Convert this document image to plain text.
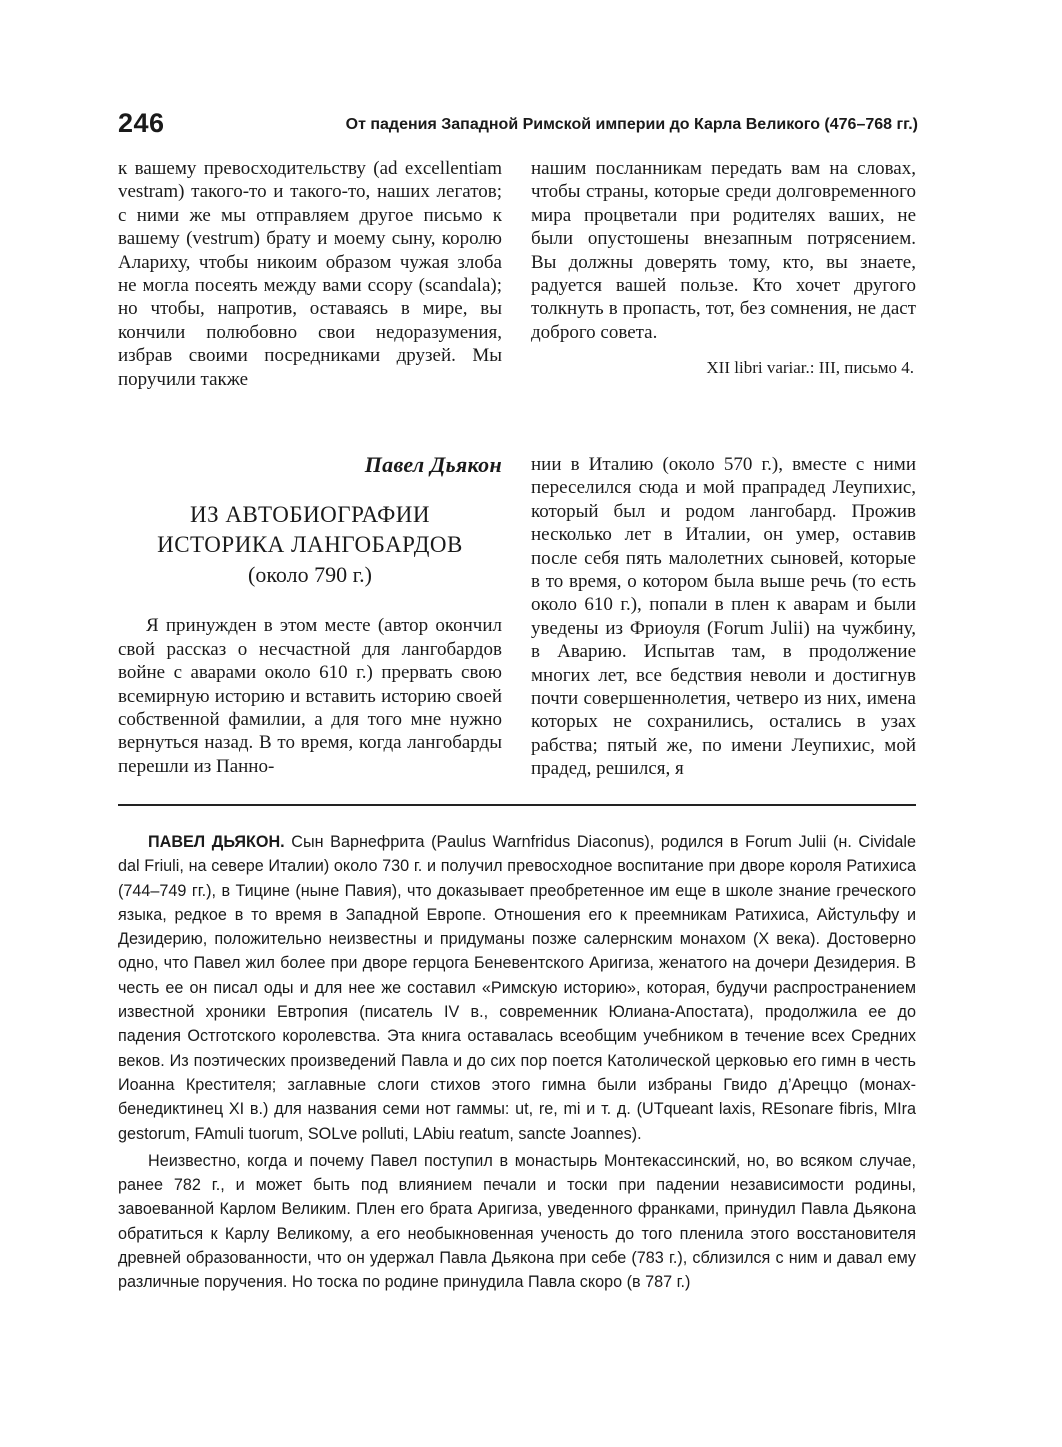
246	От падения Западной Римской империи до Карла Великого (476–768 гг.)

к вашему превосходительству (ad excellentiam vestram) такого-то и такого-то, наших легатов; с ними же мы отправляем другое письмо к вашему (vestrum) брату и моему сыну, королю Алариху, чтобы никоим образом чужая злоба не могла посеять между вами ссору (scandala); но чтобы, напротив, оставаясь в мире, вы кончили полюбовно свои недоразумения, избрав своими посредниками друзей. Мы поручили также

нашим посланникам передать вам на словах, чтобы страны, которые среди долговременного мира процветали при родителях ваших, не были опустошены внезапным потрясением. Вы должны доверять тому, кто, вы знаете, радуется вашей пользе. Кто хочет другого толкнуть в пропасть, тот, без сомнения, не даст доброго совета.

XII libri variar.: III, письмо 4.

Павел Дьякон

ИЗ АВТОБИОГРАФИИ

ИСТОРИКА ЛАНГОБАРДОВ

(около 790 г.)

Я принужден в этом месте (автор окончил свой рассказ о несчастной для лангобардов войне с аварами около 610 г.) прервать свою всемирную историю и вставить историю своей собственной фамилии, а для того мне нужно вернуться назад. В то время, когда лангобарды перешли из Панно-

нии в Италию (около 570 г.), вместе с ними переселился сюда и мой прапрадед Леупихис, который был и родом лангобард. Прожив несколько лет в Италии, он умер, оставив после себя пять малолетних сыновей, которые в то время, о котором была выше речь (то есть около 610 г.), попали в плен к аварам и были уведены из Фриоуля (Forum Julii) на чужбину, в Аварию. Испытав там, в продолжение многих лет, все бедствия неволи и достигнув почти совершеннолетия, четверо из них, имена которых не сохранились, остались в узах рабства; пятый же, по имени Леупихис, мой прадед, решился, я

ПАВЕЛ ДЬЯКОН. Сын Варнефрита (Paulus Warnfridus Diaconus), родился в Forum Julii (н. Cividale dal Friuli, на севере Италии) около 730 г. и получил превосходное воспитание при дворе короля Ратихиса (744–749 гг.), в Тицине (ныне Павия), что доказывает преобретенное им еще в школе знание греческого языка, редкое в то время в Западной Европе. Отношения его к преемникам Ратихиса, Айстульфу и Дезидерию, положительно неизвестны и придуманы позже салернским монахом (X века). Достоверно одно, что Павел жил более при дворе герцога Беневентского Аригиза, женатого на дочери Дезидерия. В честь ее он писал оды и для нее же составил «Римскую историю», которая, будучи распространением известной хроники Евтропия (писатель IV в., современник Юлиана-Апостата), продолжила ее до падения Остготского королевства. Эта книга оставалась всеобщим учебником в течение всех Средних веков. Из поэтических произведений Павла и до сих пор поется Католической церковью его гимн в честь Иоанна Крестителя; заглавные слоги стихов этого гимна были избраны Гвидо д’Ареццо (монах-бенедиктинец XI в.) для названия семи нот гаммы: ut, re, mi и т. д. (UTqueant laxis, REsonare fibris, MIra gestorum, FAmuli tuorum, SOLve polluti, LAbiu reatum, sancte Joannes).

Неизвестно, когда и почему Павел поступил в монастырь Монтекассинский, но, во всяком случае, ранее 782 г., и может быть под влиянием печали и тоски при падении независимости родины, завоеванной Карлом Великим. Плен его брата Аригиза, уведенного франками, принудил Павла Дьякона обратиться к Карлу Великому, а его необыкновенная ученость до того пленила этого восстановителя древней образованности, что он удержал Павла Дьякона при себе (783 г.), сблизился с ним и давал ему различные поручения. Но тоска по родине принудила Павла скоро (в 787 г.)
